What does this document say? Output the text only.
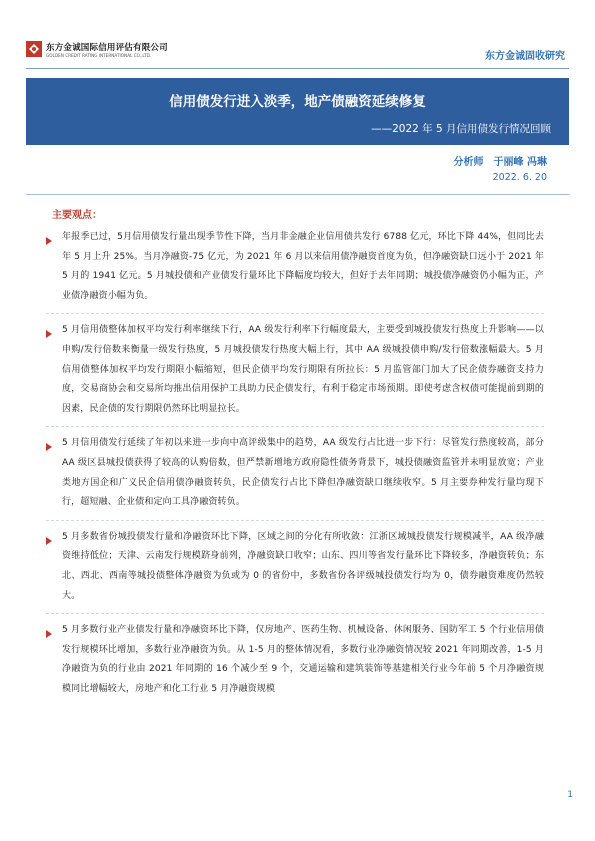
东方金诚国际信用评估有限公司
GOLDEN CREDIT RATING INTERNATIONAL CO.,LTD.	东方金诚固收研究
信用债发行进入淡季，地产债融资延续修复
——2022 年 5 月信用债发行情况回顾
分析师　于丽峰 冯琳
2022. 6. 20
主要观点：
年报季已过，5月信用债发行量出现季节性下降，当月非金融企业信用债共发行 6788 亿元，环比下降 44%，但同比去年 5 月上升 25%。当月净融资-75 亿元，为 2021 年 6 月以来信用债净融资首度为负，但净融资缺口远小于 2021 年 5 月的 1941 亿元。5 月城投债和产业债发行量环比下降幅度均较大，但好于去年同期；城投债净融资仍小幅为正，产业债净融资小幅为负。
5 月信用债整体加权平均发行利率继续下行，AA 级发行利率下行幅度最大，主要受到城投债发行热度上升影响——以申购/发行倍数来衡量一级发行热度，5 月城投债发行热度大幅上行，其中 AA 级城投债申购/发行倍数涨幅最大。5 月信用债整体加权平均发行期限小幅缩短，但民企债平均发行期限有所拉长：5 月监管部门加大了民企债券融资支持力度，交易商协会和交易所均推出信用保护工具助力民企债发行，有利于稳定市场预期。即使考虑含权债可能提前到期的因素，民企债的发行期限仍然环比明显拉长。
5 月信用债发行延续了年初以来进一步向中高评级集中的趋势，AA 级发行占比进一步下行：尽管发行热度较高，部分 AA 级区县城投债获得了较高的认购倍数，但严禁新增地方政府隐性债务背景下，城投债融资监管并未明显放宽；产业类地方国企和广义民企信用债净融资转负，民企债发行占比下降但净融资缺口继续收窄。5 月主要券种发行量均现下行，超短融、企业债和定向工具净融资转负。
5 月多数省份城投债发行量和净融资环比下降，区域之间的分化有所收敛：江浙区域城投债发行规模减半，AA 级净融资维持低位；天津、云南发行规模跻身前列，净融资缺口收窄；山东、四川等省发行量环比下降较多，净融资转负；东北、西北、西南等城投债整体净融资为负或为 0 的省份中，多数省份各评级城投债发行均为 0，债券融资难度仍然较大。
5 月多数行业产业债发行量和净融资环比下降，仅房地产、医药生物、机械设备、休闲服务、国防军工 5 个行业信用债发行规模环比增加，多数行业净融资为负。从 1-5 月的整体情况看，多数行业净融资情况较 2021 年同期改善，1-5 月净融资为负的行业由 2021 年同期的 16 个减少至 9 个，交通运输和建筑装饰等基建相关行业今年前 5 个月净融资规模同比增幅较大，房地产和化工行业 5 月净融资规模
1
